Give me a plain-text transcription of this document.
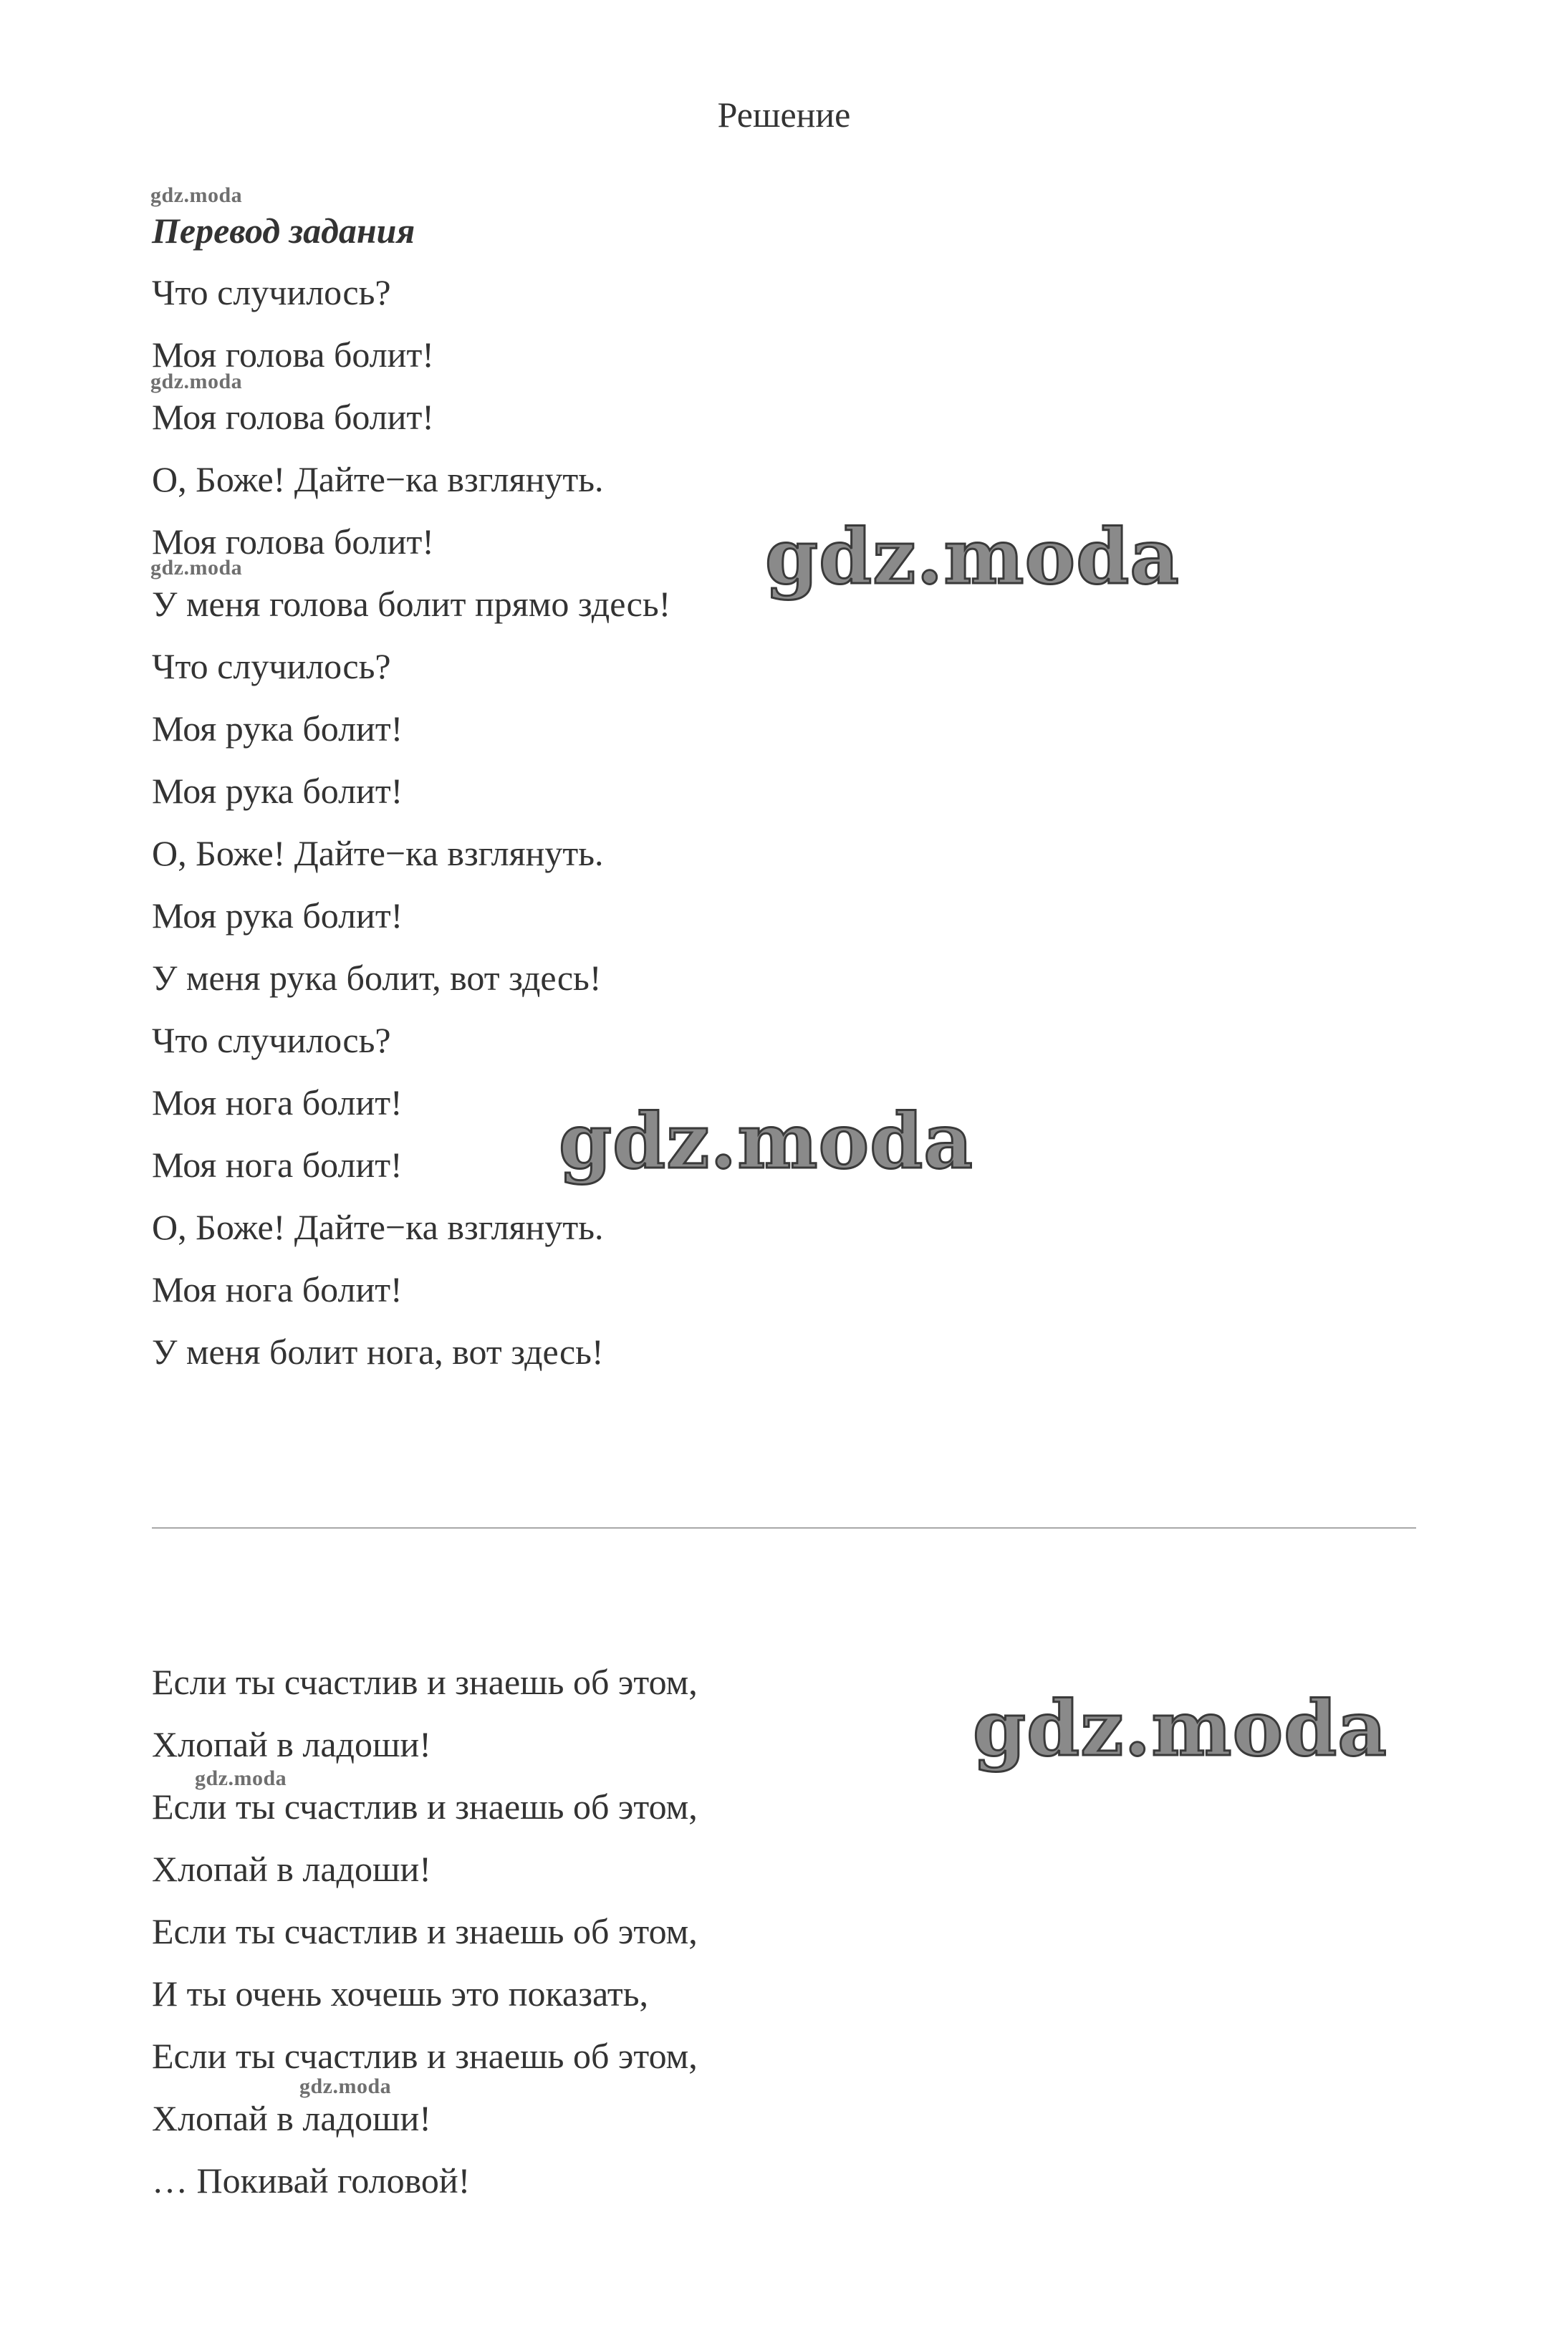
Решение
Перевод задания
Что случилось?
Моя голова болит!
Моя голова болит!
О, Боже! Дайте−ка взглянуть.
Моя голова болит!
У меня голова болит прямо здесь!
Что случилось?
Моя рука болит!
Моя рука болит!
О, Боже! Дайте−ка взглянуть.
Моя рука болит!
У меня рука болит, вот здесь!
Что случилось?
Моя нога болит!
Моя нога болит!
О, Боже! Дайте−ка взглянуть.
Моя нога болит!
У меня болит нога, вот здесь!
Если ты счастлив и знаешь об этом,
Хлопай в ладоши!
Если ты счастлив и знаешь об этом,
Хлопай в ладоши!
Если ты счастлив и знаешь об этом,
И ты очень хочешь это показать,
Если ты счастлив и знаешь об этом,
Хлопай в ладоши!
… Покивай головой!
gdz.moda
gdz.moda
gdz.moda
gdz.moda
gdz.moda
gdz.moda
gdz.moda
gdz.moda
